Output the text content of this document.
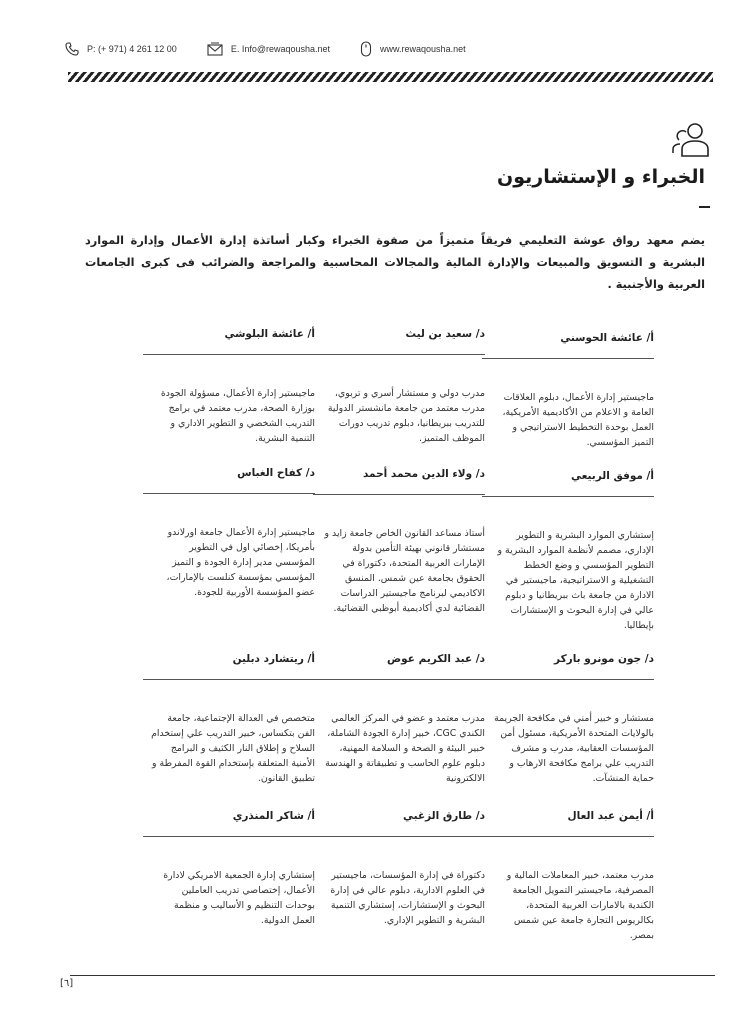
P: (+ 971) 4 261 12 00	E. Info@rewaqousha.net	www.rewaqousha.net
الخبراء و الإستشاريون
يضم معهد رواق عوشة التعليمي فريقاً متميزاً من صفوة الخبراء وكبار أساتذة إدارة الأعمال وإدارة الموارد البشرية و التسويق والمبيعات والإدارة المالية والمجالات المحاسبية والمراجعة والضرائب فى كبرى الجامعات العربية والأجنبية .
أ/ عائشة الحوسني
ماجيستير إدارة الأعمال، دبلوم العلاقات العامة و الاعلام من الأكاديمية الأمريكية، العمل بوحدة التخطيط الاستراتيجي و التميز المؤسسي.
أ/ موفق الربيعي
إستشاري الموارد البشرية و التطوير الإداري، مصمم لأنظمة الموارد البشرية و التطوير المؤسسي و وضع الخطط التشغيلية و الاستراتيجية، ماجيستير في الادارة من جامعة باث ببريطانيا و دبلوم عالي في إدارة البحوث و الإستشارات بإيطاليا.
د/ جون مونرو باركر
مستشار و خبير أمني في مكافحة الجريمة بالولايات المتحدة الأمريكية، مسئول أمن المؤسسات العقابية، مدرب و مشرف التدريب علي برامج مكافحة الارهاب و حماية المنشآت.
أ/ أيمن عبد العال
مدرب معتمد، خبير المعاملات المالية و المصرفية، ماجيستير التمويل الجامعة الكندية بالامارات العربية المتحدة، بكالريوس التجارة جامعة عين شمس بمصر.
د/ سعيد بن ليث
مدرب دولي و مستشار أسري و تربوي، مدرب معتمد من جامعة مانشستر الدولية للتدريب ببريطانيا، دبلوم تدريب دورات الموظف المتميز.
د/ ولاء الدين محمد أحمد
أستاذ مساعد القانون الخاص جامعة زايد و مستشار قانوني بهيئة التأمين بدولة الإمارات العربية المتحدة، دكتوراة في الحقوق بجامعة عين شمس. المنسق الاكاديمي لبرنامج ماجيستير الدراسات القضائية لدي أكاديمية أبوظبي القضائية.
د/ عبد الكريم عوض
مدرب معتمد و عضو في المركز العالمي الكندي CGC، خبير إدارة الجودة الشاملة، خبير البيئة و الصحة و السلامة المهنية، دبلوم علوم الحاسب و تطبيقاتة و الهندسة الالكترونية
د/ طارق الزغبي
دكتوراة في إدارة المؤسسات، ماجيستير في العلوم الادارية، دبلوم عالي في إدارة البحوث و الإستشارات، إستشاري التنمية البشرية و التطوير الإداري.
أ/ عائشة البلوشي
ماجيستير إدارة الأعمال، مسؤولة الجودة بوزارة الصحة، مدرب معتمد في برامج التدريب الشخصي و التطوير الاداري و التنمية البشرية.
د/ كفاح الغباس
ماجيستير إدارة الأعمال جامعة اورلاندو بأمريكا، إخصائي اول في التطوير المؤسسي مدير إدارة الجودة و التميز المؤسسي بمؤسسة كنلست بالإمارات، عضو المؤسسة الأوربية للجودة.
أ/ ريتشارد دبلين
متخصص في العدالة الإجتماعية، جامعة الفن بتكساس، خبير التدريب علي إستخدام السلاح و إطلاق النار الكثيف و البرامج الأمنية المتعلقة بإستخدام القوة المفرطة و تطبيق القانون.
أ/ شاكر المنذري
إستشاري إدارة الجمعية الامريكي لادارة الأعمال، إختصاصي تدريب العاملين بوحدات التنظيم و الأساليب و منظمة العمل الدولية.
[٦]
